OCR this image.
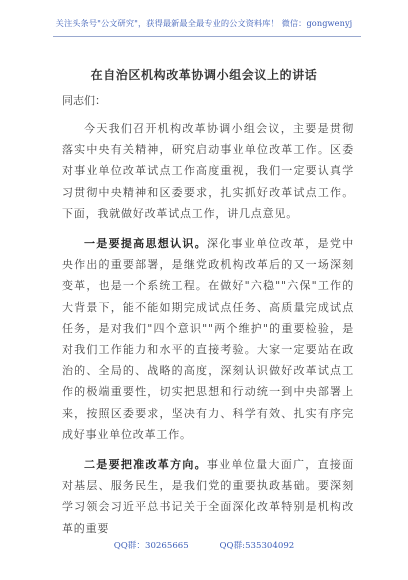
关注头条号"公文研究"，获得最新最全最专业的公文资料库！ 微信：gongwenyj
在自治区机构改革协调小组会议上的讲话

同志们：

今天我们召开机构改革协调小组会议，主要是贯彻落实中央有关精神，研究启动事业单位改革工作。区委对事业单位改革试点工作高度重视，我们一定要认真学习贯彻中央精神和区委要求，扎实抓好改革试点工作。下面，我就做好改革试点工作，讲几点意见。

一是要提高思想认识。深化事业单位改革，是党中央作出的重要部署，是继党政机构改革后的又一场深刻变革，也是一个系统工程。在做好"六稳""六保"工作的大背景下，能不能如期完成试点任务、高质量完成试点任务，是对我们"四个意识""两个维护"的重要检验，是对我们工作能力和水平的直接考验。大家一定要站在政治的、全局的、战略的高度，深刻认识做好改革试点工作的极端重要性，切实把思想和行动统一到中央部署上来，按照区委要求，坚决有力、科学有效、扎实有序完成好事业单位改革工作。

二是要把准改革方向。事业单位量大面广，直接面对基层、服务民生，是我们党的重要执政基础。要深刻学习领会习近平总书记关于全面深化改革特别是机构改革的重要

QQ群：30265665	QQ群:535304092
